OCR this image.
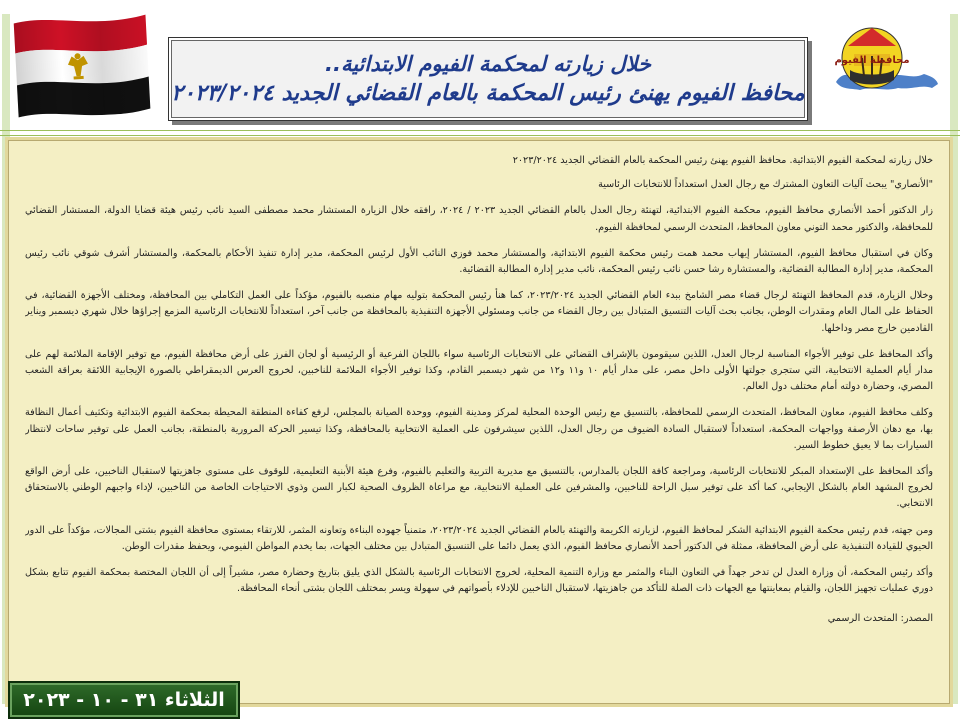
خلال زيارته لمحكمة الفيوم الابتدائية..
محافظ الفيوم يهنئ رئيس المحكمة بالعام القضائي الجديد ٢٠٢٣/٢٠٢٤
محافظة الفيوم

خلال زيارته لمحكمة الفيوم الابتدائية. محافظ الفيوم يهنئ رئيس المحكمة بالعام القضائي الجديد ٢٠٢٣/٢٠٢٤

"الأنصاري" يبحث آليات التعاون المشترك مع رجال العدل استعداداً للانتخابات الرئاسية

زار الدكتور أحمد الأنصاري محافظ الفيوم، محكمة الفيوم الابتدائية، لتهنئة رجال العدل بالعام القضائي الجديد ٢٠٢٣ / ٢٠٢٤، رافقه خلال الزيارة المستشار محمد مصطفى السيد نائب رئيس هيئة قضايا الدولة، المستشار القضائي للمحافظة، والدكتور محمد التوني معاون المحافظ، المتحدث الرسمي لمحافظة الفيوم.

وكان في استقبال محافظ الفيوم، المستشار إيهاب محمد همت رئيس محكمة الفيوم الابتدائية، والمستشار محمد فوزي النائب الأول لرئيس المحكمة، مدير إدارة تنفيذ الأحكام بالمحكمة، والمستشار أشرف شوقي نائب رئيس المحكمة، مدير إدارة المطالبة القضائية، والمستشارة رشا حسن نائب رئيس المحكمة، نائب مدير إدارة المطالبة القضائية.

وخلال الزيارة، قدم المحافظ التهنئة لرجال قضاء مصر الشامخ ببدء العام القضائي الجديد ٢٠٢٣/٢٠٢٤، كما هنأ رئيس المحكمة بتوليه مهام منصبه بالفيوم، مؤكداً على العمل التكاملي بين المحافظة، ومختلف الأجهزة القضائية، في الحفاظ على المال العام ومقدرات الوطن، بجانب بحث آليات التنسيق المتبادل بين رجال القضاء من جانب ومسئولي الأجهزة التنفيذية بالمحافظة من جانب آخر، استعداداً للانتخابات الرئاسية المزمع إجراؤها خلال شهري ديسمبر ويناير القادمين خارج مصر وداخلها.

وأكد المحافظ على توفير الأجواء المناسبة لرجال العدل، اللذين سيقومون بالإشراف القضائي على الانتخابات الرئاسية سواء باللجان الفرعية أو الرئيسية أو لجان الفرز على أرض محافظة الفيوم، مع توفير الإقامة الملائمة لهم على مدار أيام العملية الانتخابية، التي ستجرى جولتها الأولى داخل مصر، على مدار أيام ١٠ و١١ و١٢ من شهر ديسمبر القادم، وكذا توفير الأجواء الملائمة للناخبين، لخروج العرس الديمقراطي بالصورة الإيجابية اللائقة بعراقة الشعب المصري، وحضارة دولته أمام مختلف دول العالم.

وكلف محافظ الفيوم، معاون المحافظ، المتحدث الرسمي للمحافظة، بالتنسيق مع رئيس الوحدة المحلية لمركز ومدينة الفيوم، ووحدة الصيانة بالمجلس، لرفع كفاءة المنطقة المحيطة بمحكمة الفيوم الابتدائية وتكثيف أعمال النظافة بها، مع دهان الأرصفة وواجهات المحكمة، استعداداً لاستقبال السادة الضيوف من رجال العدل، اللذين سيشرفون على العملية الانتخابية بالمحافظة، وكذا تيسير الحركة المرورية بالمنطقة، بجانب العمل على توفير ساحات لانتظار السيارات بما لا يعيق خطوط السير.

وأكد المحافظ على الإستعداد المبكر للانتخابات الرئاسية، ومراجعة كافة اللجان بالمدارس، بالتنسيق مع مديرية التربية والتعليم بالفيوم، وفرع هيئة الأبنية التعليمية، للوقوف على مستوى جاهزيتها لاستقبال الناخبين، على أرض الواقع لخروج المشهد العام بالشكل الإيجابي، كما أكد على توفير سبل الراحة للناخبين، والمشرفين على العملية الانتخابية، مع مراعاة الظروف الصحية لكبار السن وذوي الاحتياجات الخاصة من الناخبين، لإداء واجبهم الوطني بالاستحقاق الانتخابي.

ومن جهته، قدم رئيس محكمة الفيوم الابتدائية الشكر لمحافظ الفيوم، لزيارته الكريمة والتهنئة بالعام القضائي الجديد ٢٠٢٣/٢٠٢٤، متمنياً جهوده البناءة وتعاونه المثمر، للارتقاء بمستوى محافظة الفيوم بشتى المجالات، مؤكداً على الدور الحيوي للقيادة التنفيذية على أرض المحافظة، ممثلة في الدكتور أحمد الأنصاري محافظ الفيوم، الذي يعمل دائما على التنسيق المتبادل بين مختلف الجهات، بما يخدم المواطن الفيومي، ويحفظ مقدرات الوطن.

وأكد رئيس المحكمة، أن وزارة العدل لن تدخر جهداً في التعاون البناء والمثمر مع وزارة التنمية المحلية، لخروج الانتخابات الرئاسية بالشكل الذي يليق بتاريخ وحضارة مصر، مشيراً إلى أن اللجان المختصة بمحكمة الفيوم تتابع بشكل دوري عمليات تجهيز اللجان، والقيام بمعاينتها مع الجهات ذات الصلة للتأكد من جاهزيتها، لاستقبال الناخبين للإدلاء بأصواتهم في سهولة ويسر بمختلف اللجان بشتى أنحاء المحافظة.

المصدر: المتحدث الرسمي

الثلاثاء ٣١ - ١٠ - ٢٠٢٣
